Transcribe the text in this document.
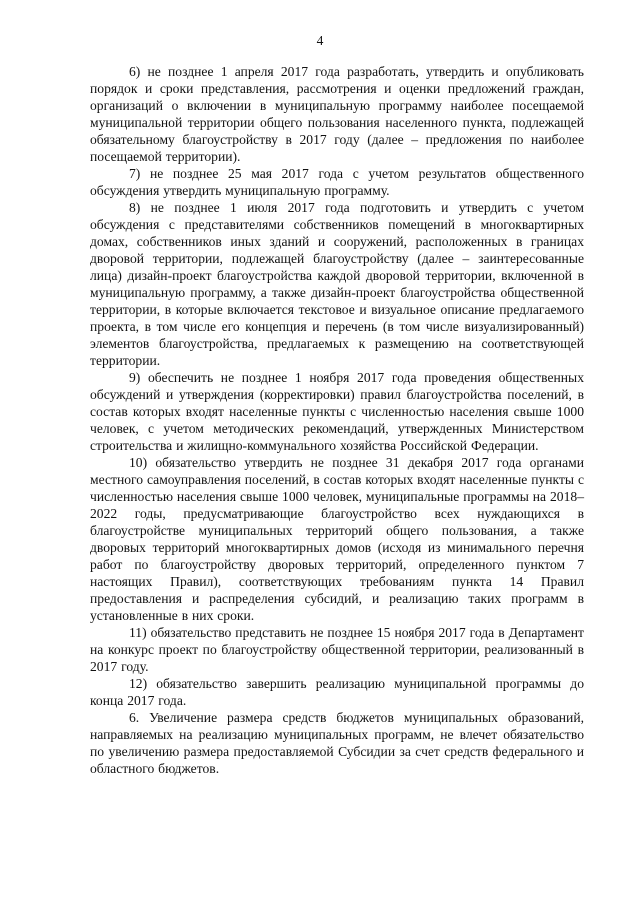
4

6) не позднее 1 апреля 2017 года разработать, утвердить и опубликовать порядок и сроки представления, рассмотрения и оценки предложений граждан, организаций о включении в муниципальную программу наиболее посещаемой муниципальной территории общего пользования населенного пункта, подлежащей обязательному благоустройству в 2017 году (далее – предложения по наиболее посещаемой территории).

7) не позднее 25 мая 2017 года с учетом результатов общественного обсуждения утвердить муниципальную программу.

8) не позднее 1 июля 2017 года подготовить и утвердить с учетом обсуждения с представителями собственников помещений в многоквартирных домах, собственников иных зданий и сооружений, расположенных в границах дворовой территории, подлежащей благоустройству (далее – заинтересованные лица) дизайн-проект благоустройства каждой дворовой территории, включенной в муниципальную программу, а также дизайн-проект благоустройства общественной территории, в которые включается текстовое и визуальное описание предлагаемого проекта, в том числе его концепция и перечень (в том числе визуализированный) элементов благоустройства, предлагаемых к размещению на соответствующей территории.

9) обеспечить не позднее 1 ноября 2017 года проведения общественных обсуждений и утверждения (корректировки) правил благоустройства поселений, в состав которых входят населенные пункты с численностью населения свыше 1000 человек, с учетом методических рекомендаций, утвержденных Министерством строительства и жилищно-коммунального хозяйства Российской Федерации.

10) обязательство утвердить не позднее 31 декабря 2017 года органами местного самоуправления поселений, в состав которых входят населенные пункты с численностью населения свыше 1000 человек, муниципальные программы на 2018–2022 годы, предусматривающие благоустройство всех нуждающихся в благоустройстве муниципальных территорий общего пользования, а также дворовых территорий многоквартирных домов (исходя из минимального перечня работ по благоустройству дворовых территорий, определенного пунктом 7 настоящих Правил), соответствующих требованиям пункта 14 Правил предоставления и распределения субсидий, и реализацию таких программ в установленные в них сроки.

11) обязательство представить не позднее 15 ноября 2017 года в Департамент на конкурс проект по благоустройству общественной территории, реализованный в 2017 году.

12) обязательство завершить реализацию муниципальной программы до конца 2017 года.

6. Увеличение размера средств бюджетов муниципальных образований, направляемых на реализацию муниципальных программ, не влечет обязательство по увеличению размера предоставляемой Субсидии за счет средств федерального и областного бюджетов.
